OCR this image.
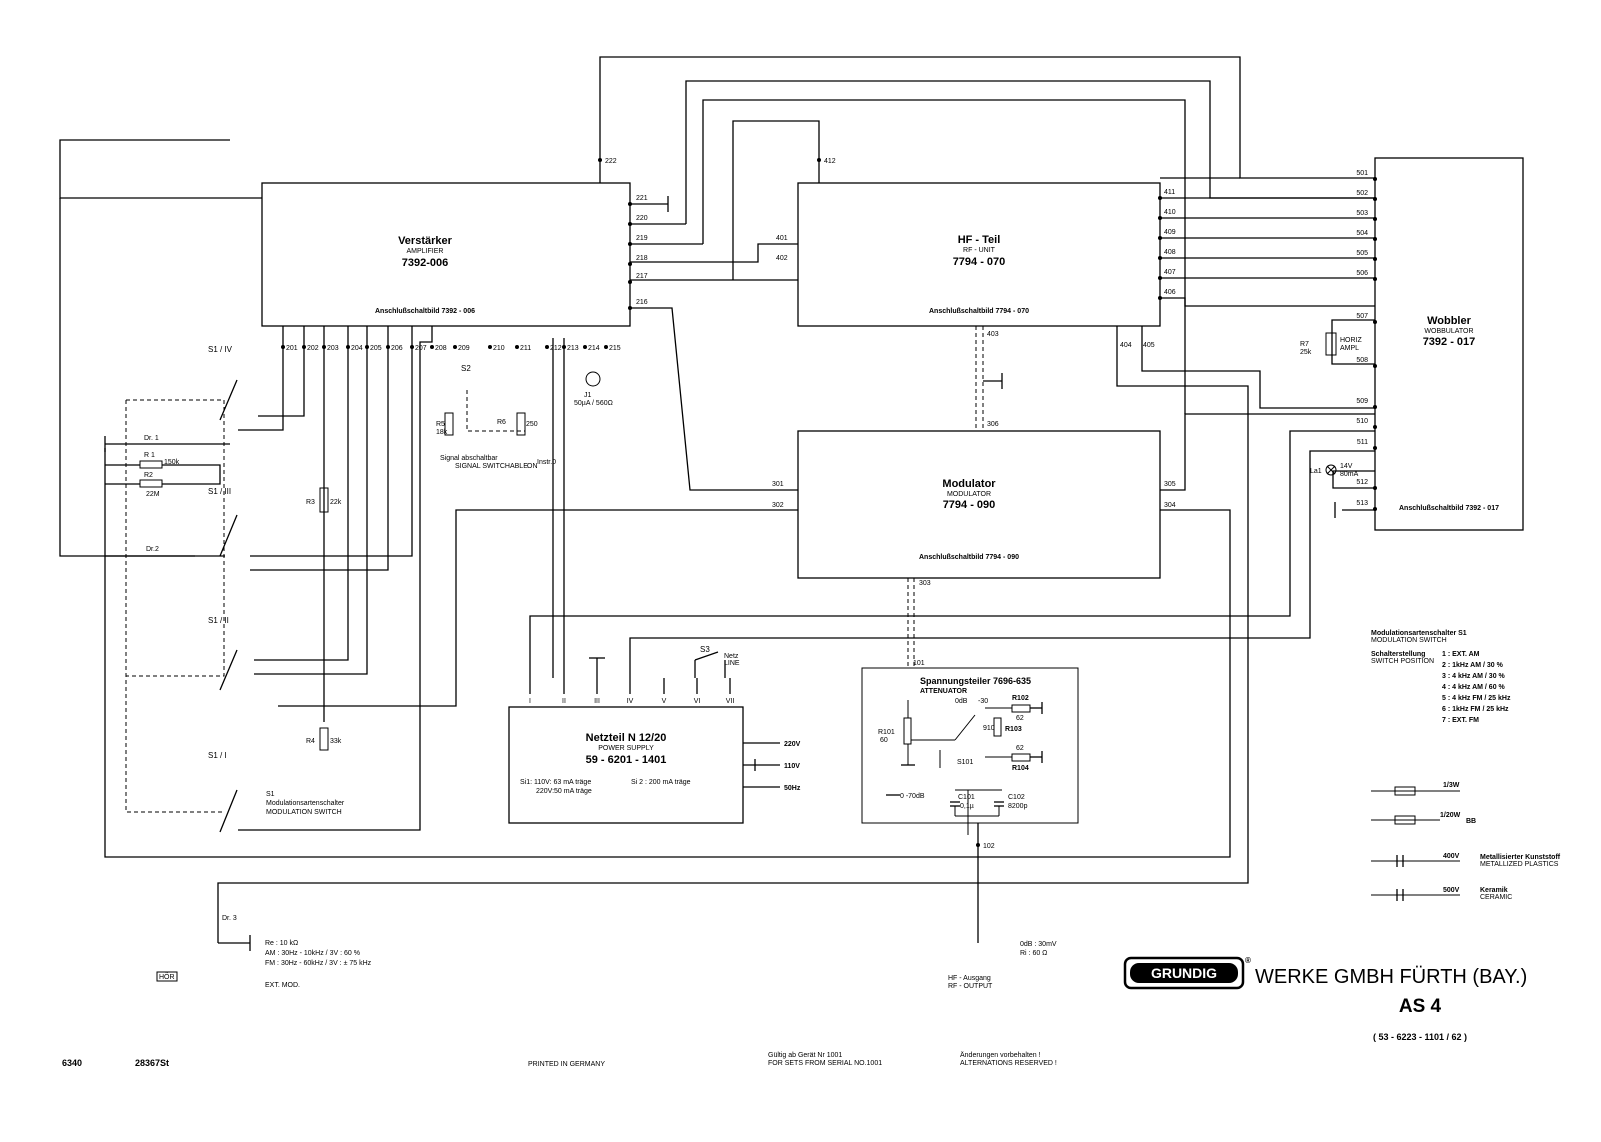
Verstärker
AMPLIFIER
7392-006
Anschlußschaltbild 7392 - 006
HF - Teil
RF - UNIT
7794 - 070
Anschlußschaltbild 7794 - 070
Modulator
MODULATOR
7794 - 090
Anschlußschaltbild 7794 - 090
Wobbler
WOBBULATOR
7392 - 017
Anschlußschaltbild 7392 - 017
Netzteil N 12/20
POWER SUPPLY
59 - 6201 - 1401
Si1: 110V: 63 mA träge
220V:50 mA träge
Si 2 : 200 mA träge
I	II	III	IV	V	VI	VII
220V
110V
50Hz
Spannungsteiler 7696-635
ATTENUATOR
R101
60
S101
0dB -30	R102
62
910 R103
62
R104
C101
0,1µ
C102
8200p
0 -70dB
201 202 203 204 205 206 207 208 209	210 211	212 213 214 215
221
220
219
218
217
216
222	412
401
402
411
410
409
408
407
406
403
404 405
301
302
305
304
306
303
501
502
503
504
505
506
507
508
509
510
511
512
513
101
102
S1 / IV
S1 / III
S1 / II
S1 / I
Dr. 1
R 1
150k
R2
22M
Dr.2
R3 22k
R4 33k
S1
Modulationsartenschalter
MODULATION SWITCH
S2
R5
18k
R6	250
Signal abschaltbar
SIGNAL SWITCHABLE ON
Instr.0
J1
50µA / 560Ω
S3
Netz
LINE
R7
25k
HORIZ
AMPL
La1
14V
80mA
Dr. 3
Re : 10 kΩ
AM : 30Hz - 10kHz / 3V : 60 %
FM : 30Hz - 60kHz / 3V : ± 75 kHz
EXT. MOD.
HÖR
0dB : 30mV
Ri : 60 Ω
HF - Ausgang
RF - OUTPUT
Modulationsartenschalter S1
MODULATION SWITCH
Schalterstellung
SWITCH POSITION
1 : EXT. AM
2 : 1kHz AM / 30 %
3 : 4 kHz AM / 30 %
4 : 4 kHz AM / 60 %
5 : 4 kHz FM / 25 kHz
6 : 1kHz FM / 25 kHz
7 : EXT. FM
1/3W
1/20W
BB
400V	Metallisierter Kunststoff
METALLIZED PLASTICS
500V	Keramik
CERAMIC
GRUNDIG
®
WERKE GMBH FÜRTH (BAY.)
AS 4
( 53 - 6223 - 1101 / 62 )
6340	28367St	PRINTED IN GERMANY
Gültig ab Gerät Nr 1001
FOR SETS FROM SERIAL NO.1001
Änderungen vorbehalten !
ALTERNATIONS RESERVED !
